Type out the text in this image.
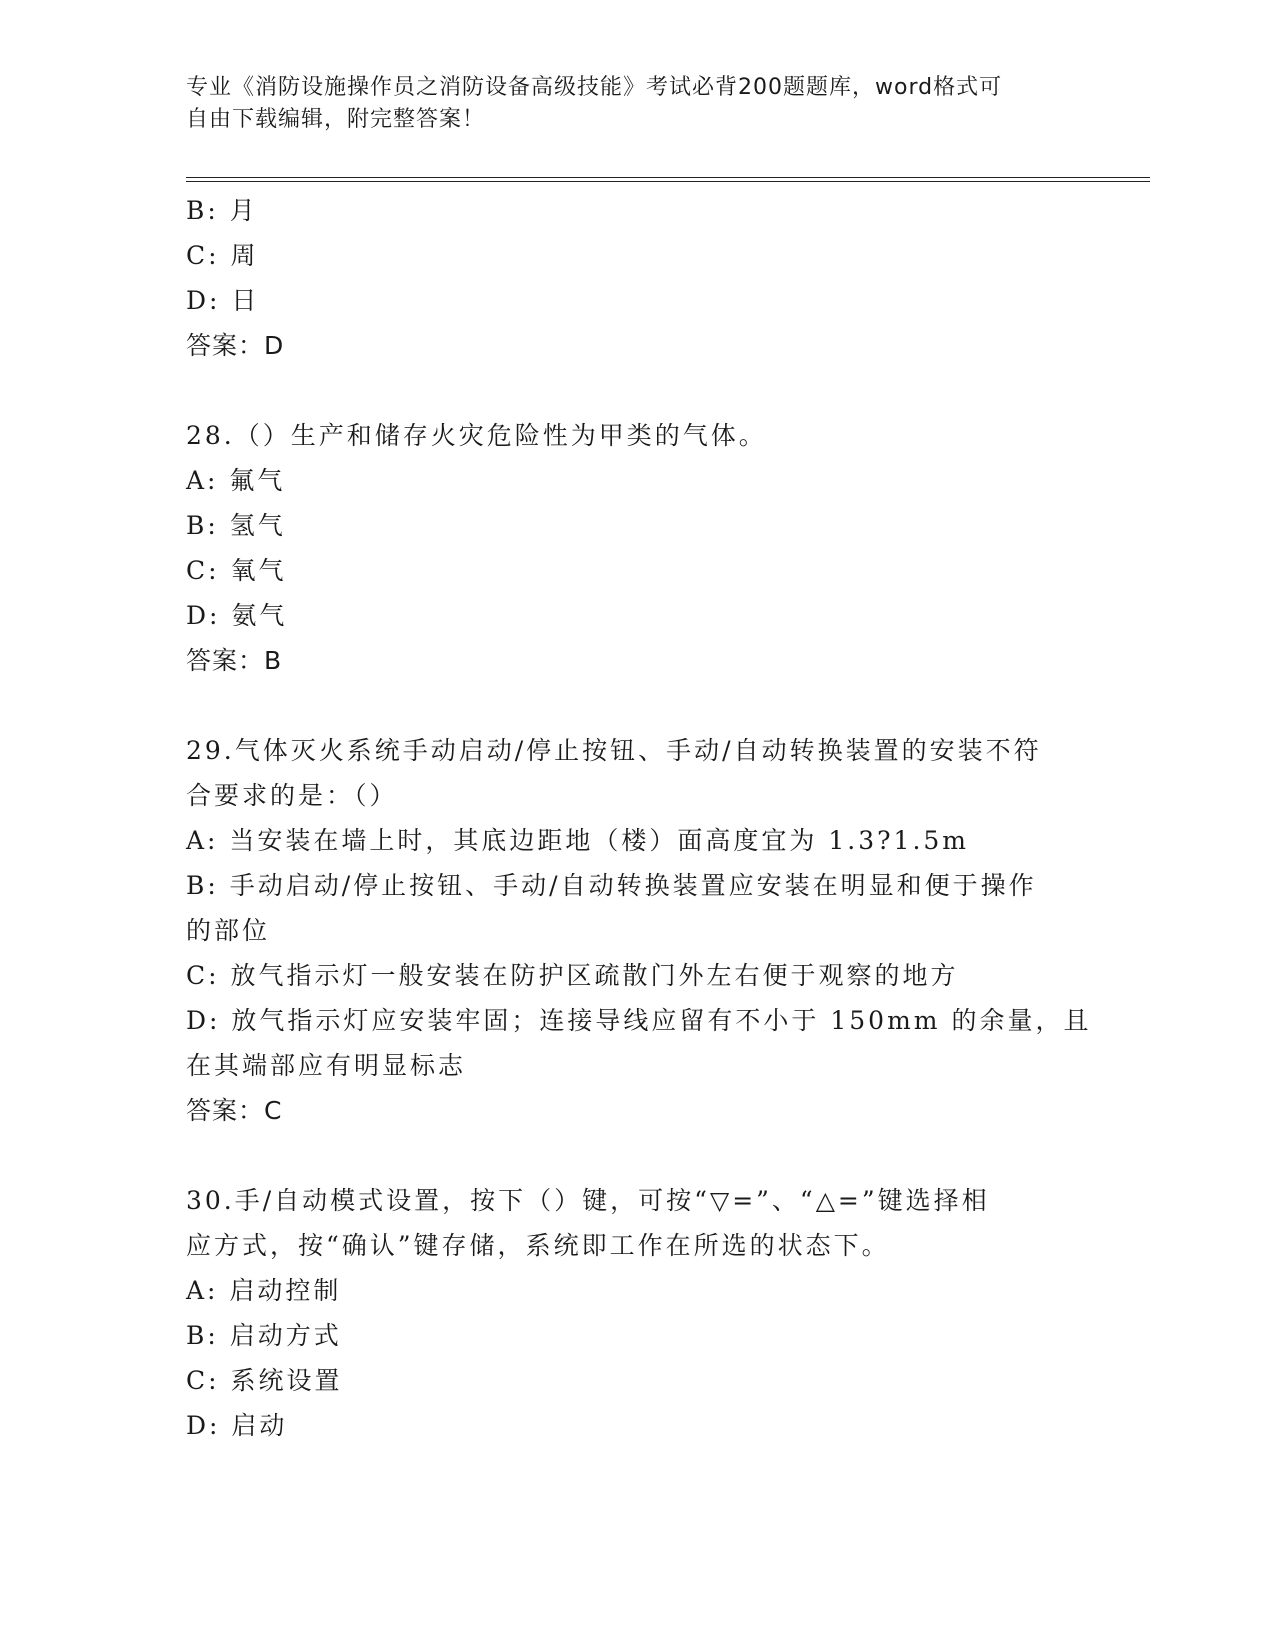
专业《消防设施操作员之消防设备高级技能》考试必背200题题库，word格式可
自由下载编辑，附完整答案！
B: 月
C: 周
D: 日
答案：D
28.（）生产和储存火灾危险性为甲类的气体。
A: 氟气
B: 氢气
C: 氧气
D: 氨气
答案：B
29.气体灭火系统手动启动/停止按钮、手动/自动转换装置的安装不符
合要求的是：（）
A: 当安装在墙上时，其底边距地（楼）面高度宜为 1.3?1.5m
B: 手动启动/停止按钮、手动/自动转换装置应安装在明显和便于操作
的部位
C: 放气指示灯一般安装在防护区疏散门外左右便于观察的地方
D: 放气指示灯应安装牢固；连接导线应留有不小于 150mm 的余量，且
在其端部应有明显标志
答案：C
30.手/自动模式设置，按下（）键，可按“▽=”、“△=”键选择相
应方式，按“确认”键存储，系统即工作在所选的状态下。
A: 启动控制
B: 启动方式
C: 系统设置
D: 启动
